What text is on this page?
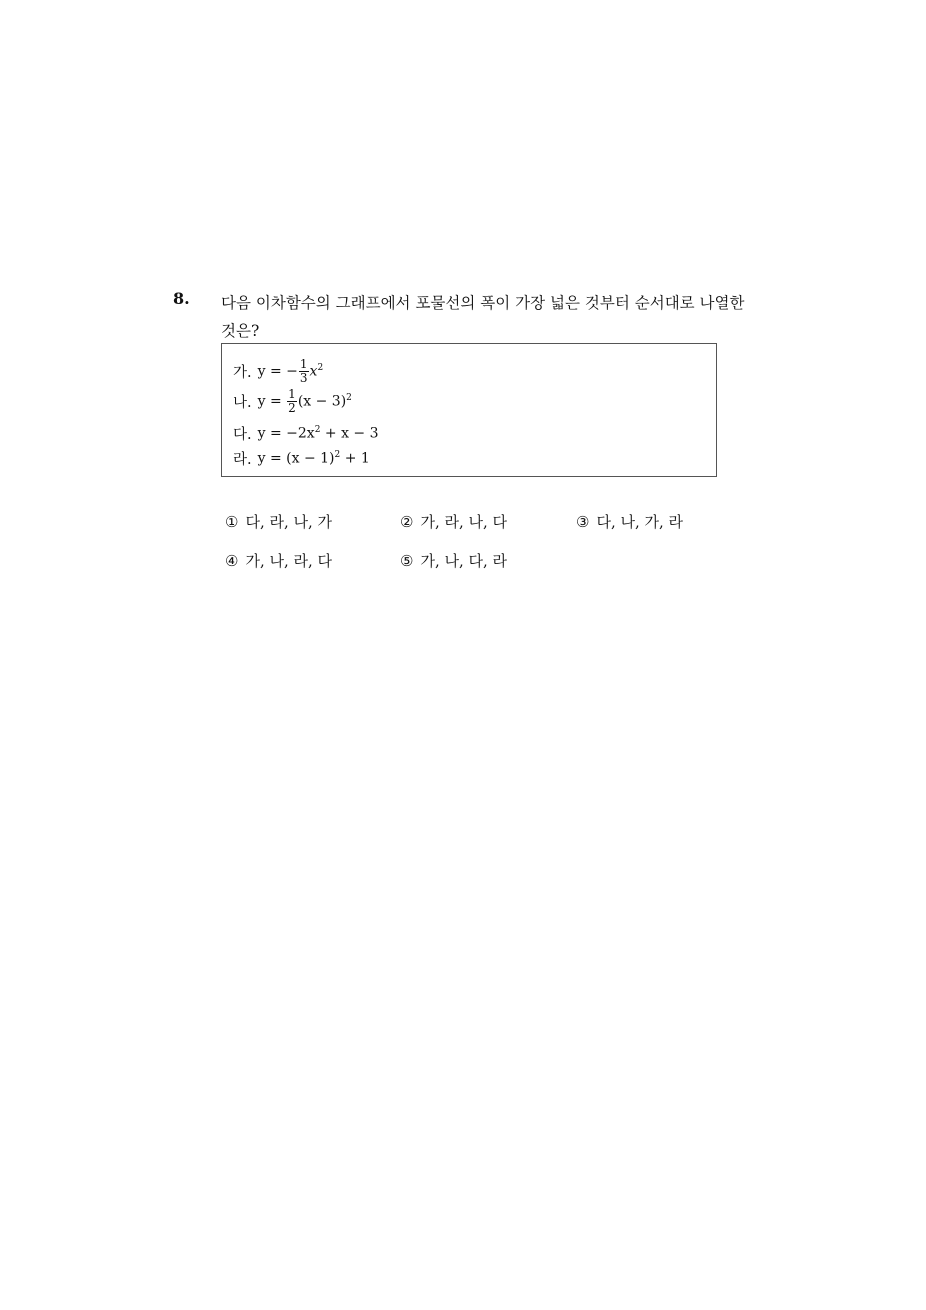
8. 다음 이차함수의 그래프에서 포물선의 폭이 가장 넓은 것부터 순서대로 나열한 것은?
가. y = − $\frac{1}{3} x^2$
나. $y = \frac{1}{2} (x - 3)^2$
다. $y = -2x^2 + x - 3$
라. $y = (x - 1)^2 + 1$
① 다, 라, 나, 가	② 가, 라, 나, 다	③ 다, 나, 가, 라
④ 가, 나, 라, 다	⑤ 가, 나, 다, 라
